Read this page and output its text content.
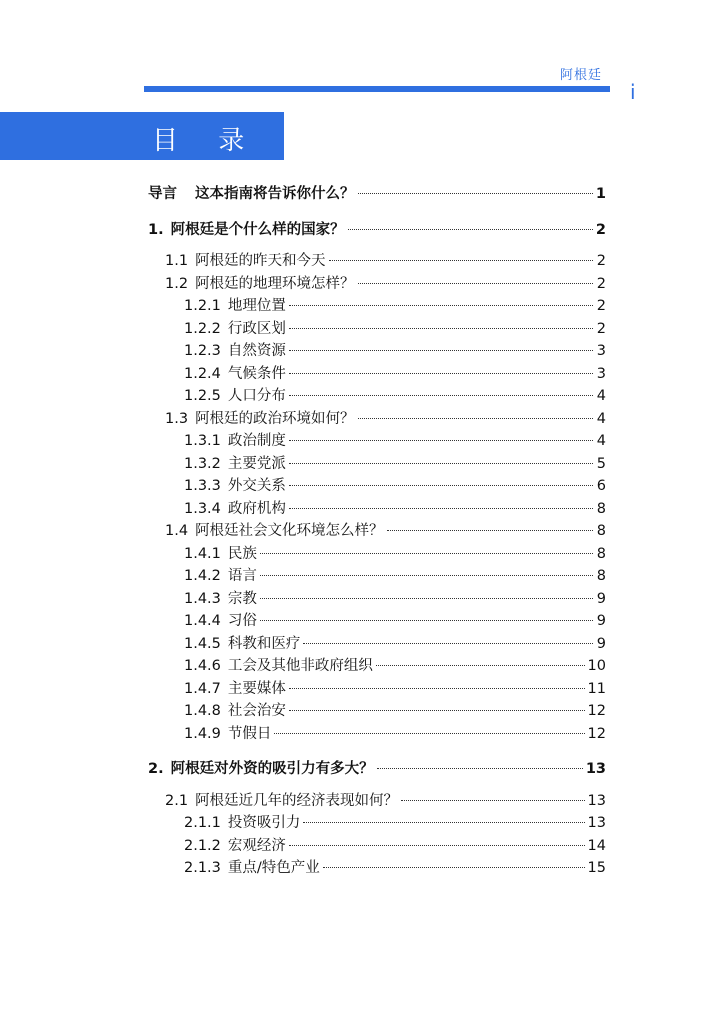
阿根廷
i
目 录
导言 这本指南将告诉你什么？	1
1. 阿根廷是个什么样的国家？	2
1.1 阿根廷的昨天和今天	2
1.2 阿根廷的地理环境怎样？	2
1.2.1 地理位置	2
1.2.2 行政区划	2
1.2.3 自然资源	3
1.2.4 气候条件	3
1.2.5 人口分布	4
1.3 阿根廷的政治环境如何？	4
1.3.1 政治制度	4
1.3.2 主要党派	5
1.3.3 外交关系	6
1.3.4 政府机构	8
1.4 阿根廷社会文化环境怎么样？	8
1.4.1 民族	8
1.4.2 语言	8
1.4.3 宗教	9
1.4.4 习俗	9
1.4.5 科教和医疗	9
1.4.6 工会及其他非政府组织	10
1.4.7 主要媒体	11
1.4.8 社会治安	12
1.4.9 节假日	12
2. 阿根廷对外资的吸引力有多大？	13
2.1 阿根廷近几年的经济表现如何？	13
2.1.1 投资吸引力	13
2.1.2 宏观经济	14
2.1.3 重点/特色产业	15
